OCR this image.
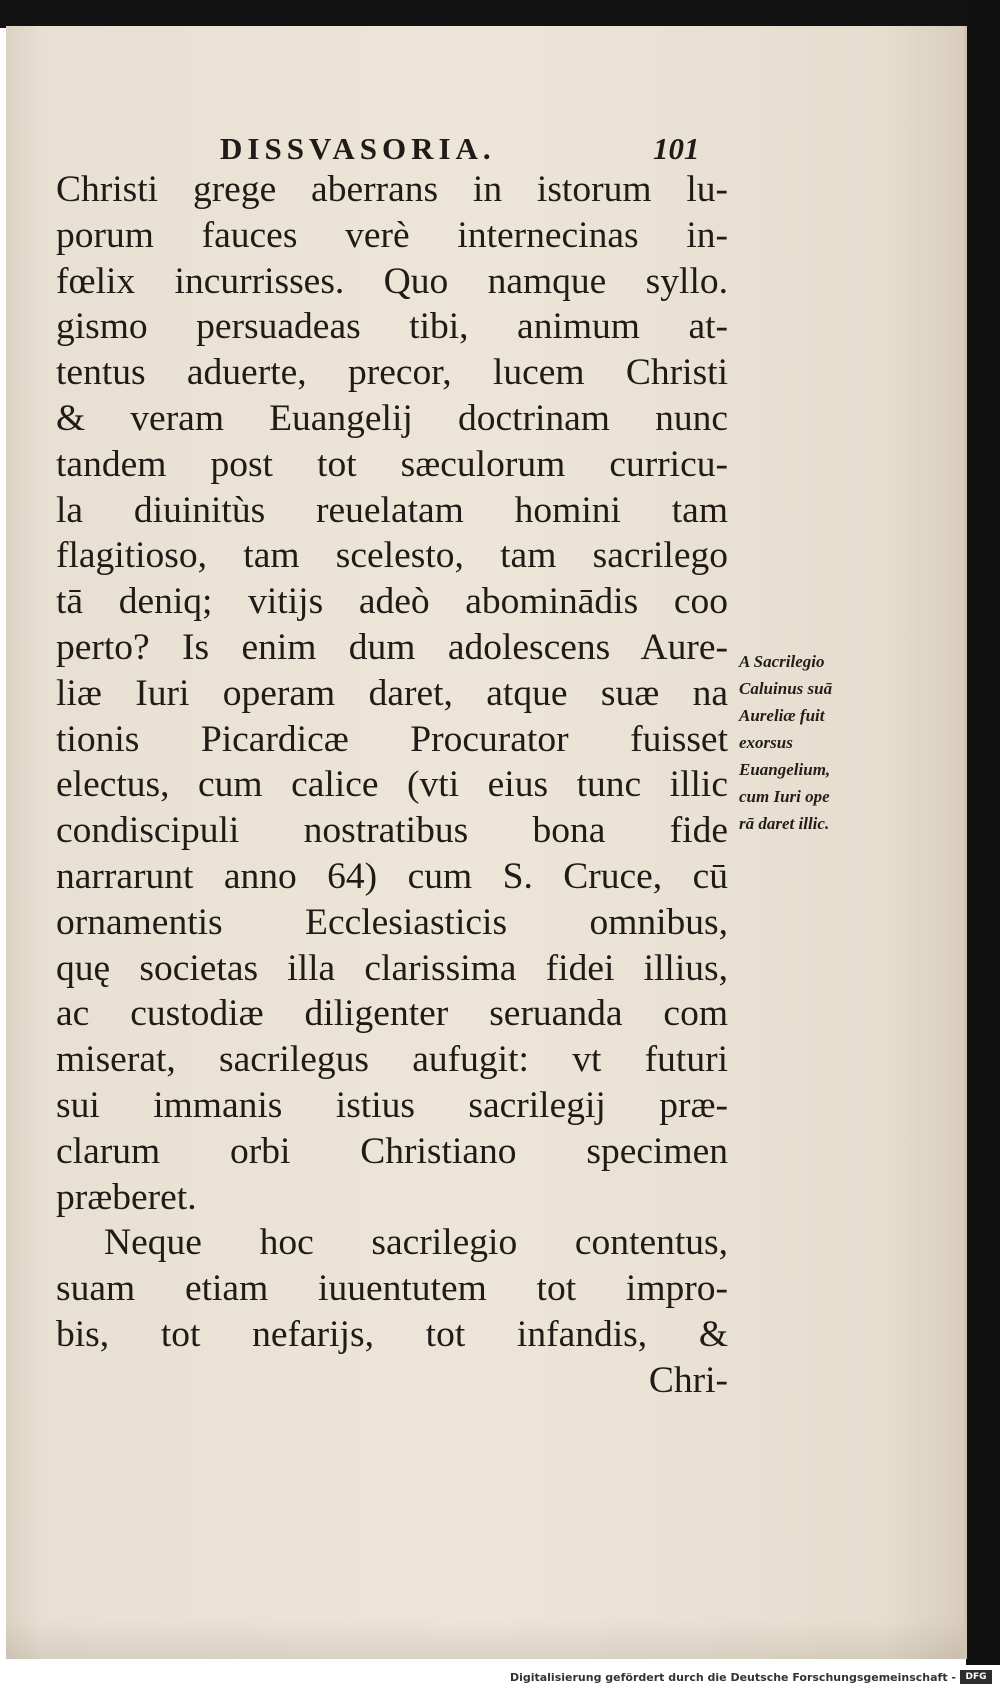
DISSVASORIA.	101
Christi grege aberrans in istorum lu-
porum fauces verè internecinas in-
fœlix incurrisses. Quo namque syllo.
gismo persuadeas tibi, animum at-
tentus aduerte, precor, lucem Christi
& veram Euangelij doctrinam nunc
tandem post tot sæculorum curricu-
la diuinitùs reuelatam homini tam
flagitioso, tam scelesto, tam sacrilego
tā deniq; vitijs adeò abominādis coo
perto? Is enim dum adolescens Aure-
liæ Iuri operam daret, atque suæ na
tionis Picardicæ Procurator fuisset
electus, cum calice (vti eius tunc illic
condiscipuli nostratibus bona fide
narrarunt anno 64) cum S. Cruce, cū
ornamentis Ecclesiasticis omnibus,
quę societas illa clarissima fidei illius,
ac custodiæ diligenter seruanda com
miserat, sacrilegus aufugit: vt futuri
sui immanis istius sacrilegij præ-
clarum orbi Christiano specimen
præberet.
Neque hoc sacrilegio contentus,
suam etiam iuuentutem tot impro-
bis, tot nefarijs, tot infandis, &
Chri-
A Sacrilegio
Caluinus suā
Aureliæ fuit
exorsus
Euangelium,
cum Iuri ope
rā daret illic.
Digitalisierung gefördert durch die Deutsche Forschungsgemeinschaft -	DFG
